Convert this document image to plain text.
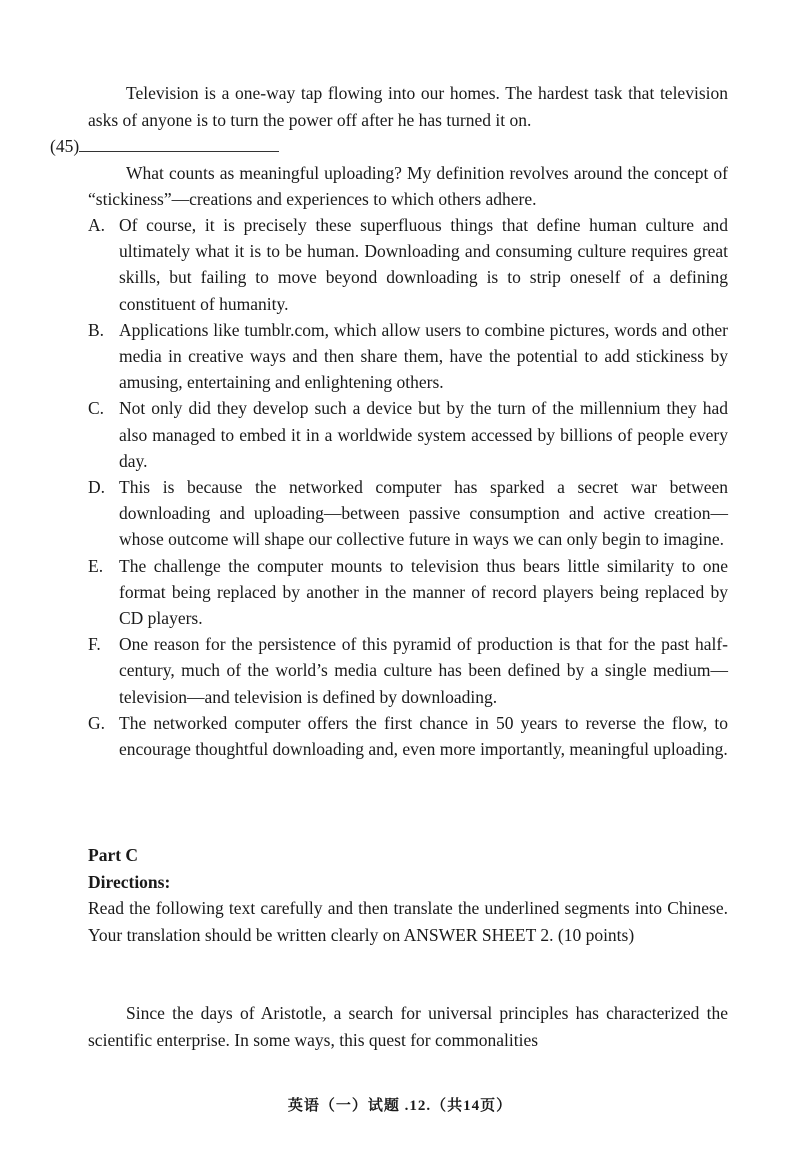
Television is a one-way tap flowing into our homes. The hardest task that television asks of anyone is to turn the power off after he has turned it on.
(45)

What counts as meaningful uploading? My definition revolves around the concept of “stickiness”—creations and experiences to which others adhere.

A. Of course, it is precisely these superfluous things that define human culture and ultimately what it is to be human. Downloading and consuming culture requires great skills, but failing to move beyond downloading is to strip oneself of a defining constituent of humanity.
B. Applications like tumblr.com, which allow users to combine pictures, words and other media in creative ways and then share them, have the potential to add stickiness by amusing, entertaining and enlightening others.
C. Not only did they develop such a device but by the turn of the millennium they had also managed to embed it in a worldwide system accessed by billions of people every day.
D. This is because the networked computer has sparked a secret war between downloading and uploading—between passive consumption and active creation—whose outcome will shape our collective future in ways we can only begin to imagine.
E. The challenge the computer mounts to television thus bears little similarity to one format being replaced by another in the manner of record players being replaced by CD players.
F.	One reason for the persistence of this pyramid of production is that for the past half-century, much of the world’s media culture has been defined by a single medium—television—and television is defined by downloading.
G. The networked computer offers the first chance in 50 years to reverse the flow, to encourage thoughtful downloading and, even more importantly, meaningful uploading.

Part C

Directions:

Read the following text carefully and then translate the underlined segments into Chinese. Your translation should be written clearly on ANSWER SHEET 2. (10 points)

Since the days of Aristotle, a search for universal principles has characterized the scientific enterprise. In some ways, this quest for commonalities

英语（一）试题 .12.（共14页）
